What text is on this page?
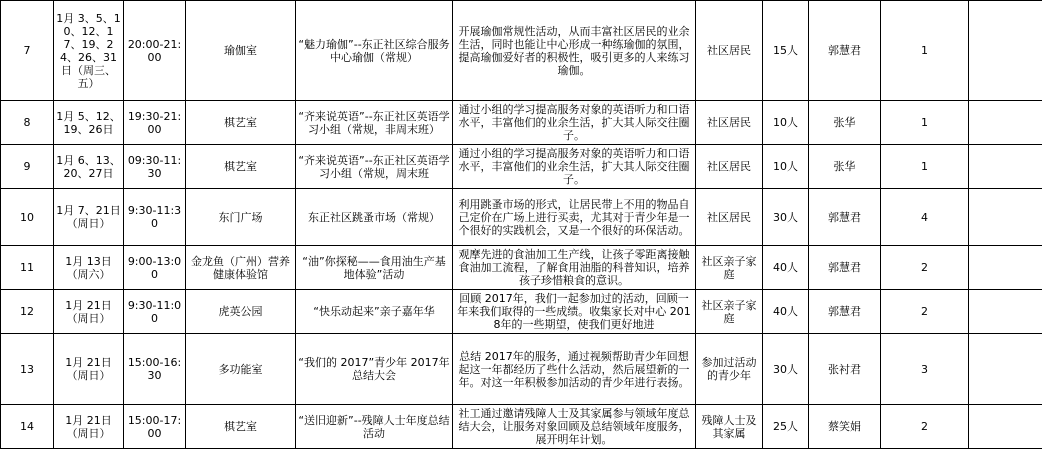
7	1月 3、5、10、12、17、19、24、26、31日（周三、五）	20:00-21:00	瑜伽室	“魅力瑜伽”--东正社区综合服务中心瑜伽（常规）	开展瑜伽常规性活动，从而丰富社区居民的业余生活，同时也能让中心形成一种练瑜伽的氛围，提高瑜伽爱好者的积极性，吸引更多的人来练习瑜伽。	社区居民	15人	郭慧君	1	
8	1月 5、12、19、26日	19:30-21:00	棋艺室	“齐来说英语”--东正社区英语学习小组（常规，非周末班）	通过小组的学习提高服务对象的英语听力和口语水平，丰富他们的业余生活，扩大其人际交往圈子。	社区居民	10人	张华	1	
9	1月 6、13、20、27日	09:30-11:30	棋艺室	“齐来说英语”--东正社区英语学习小组（常规，周末班	通过小组的学习提高服务对象的英语听力和口语水平，丰富他们的业余生活，扩大其人际交往圈子。	社区居民	10人	张华	1	
10	1月 7、21日（周日）	9:30-11:30	东门广场	东正社区跳蚤市场（常规）	利用跳蚤市场的形式，让居民带上不用的物品自己定价在广场上进行买卖，尤其对于青少年是一个很好的实践机会，又是一个很好的环保活动。	社区居民	30人	郭慧君	4	
11	1月 13日（周六）	9:00-13:00	金龙鱼（广州）营养健康体验馆	“油”你探秘——食用油生产基地体验”活动	观摩先进的食油加工生产线，让孩子零距离接触食油加工流程，了解食用油脂的科普知识，培养孩子珍惜粮食的意识。	社区亲子家庭	40人	郭慧君	2	
12	1月 21日（周日）	9:30-11:00	虎英公园	“快乐动起来”亲子嘉年华	回顾 2017年，我们一起参加过的活动，回顾一年来我们取得的一些成绩。收集家长对中心 2018年的一些期望，使我们更好地进	社区亲子家庭	40人	郭慧君	2	
13	1月 21日（周日）	15:00-16:30	多功能室	“我们的 2017”青少年 2017年总结大会	总结 2017年的服务，通过视频帮助青少年回想起这一年都经历了些什么活动，然后展望新的一年。对这一年积极参加活动的青少年进行表扬。	参加过活动的青少年	30人	张衬君	3	
14	1月 21日（周日）	15:00-17:00	棋艺室	“送旧迎新”--残障人士年度总结活动	社工通过邀请残障人士及其家属参与领域年度总结大会，让服务对象回顾及总结领域年度服务，展开明年计划。	残障人士及其家属	25人	蔡笑娟	2	
